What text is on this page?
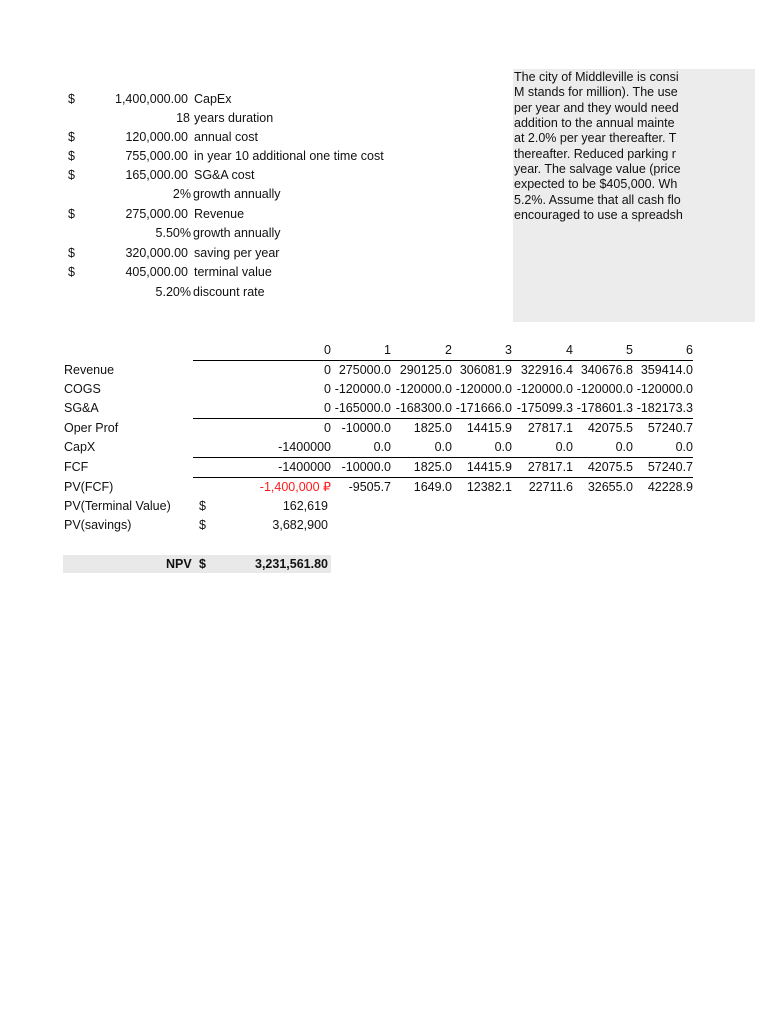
$	1,400,000.00 CapEx
18 years duration
$	120,000.00 annual cost
$	755,000.00 in year 10 additional one time cost
$	165,000.00 SG&A cost
2% growth annually
$	275,000.00 Revenue
5.50% growth annually
$	320,000.00 saving per year
$	405,000.00 terminal value
5.20% discount rate
The city of Middleville is consi
M stands for million). The use
per year and they would need
addition to the annual mainte
at 2.0% per year thereafter. T
thereafter. Reduced parking r
year. The salvage value (price
expected to be $405,000. Wh
5.2%. Assume that all cash flo
encouraged to use a spreadsh
0	1	2	3	4	5	6
Revenue	0 275000.0 290125.0 306081.9 322916.4 340676.8 359414.0
COGS	0 -120000.0 -120000.0 -120000.0 -120000.0 -120000.0 -120000.0
SG&A	0 -165000.0 -168300.0 -171666.0 -175099.3 -178601.3 -182173.3
Oper Prof	0 -10000.0 1825.0 14415.9 27817.1 42075.5 57240.7
CapX	-1400000	0.0	0.0	0.0	0.0	0.0	0.0
FCF	-1400000 -10000.0 1825.0 14415.9 27817.1 42075.5 57240.7
PV(FCF)	-1,400,000 ₽ -9505.7 1649.0 12382.1 22711.6 32655.0 42228.9
PV(Terminal Value) $	162,619
PV(savings)	$	3,682,900
NPV $	3,231,561.80
